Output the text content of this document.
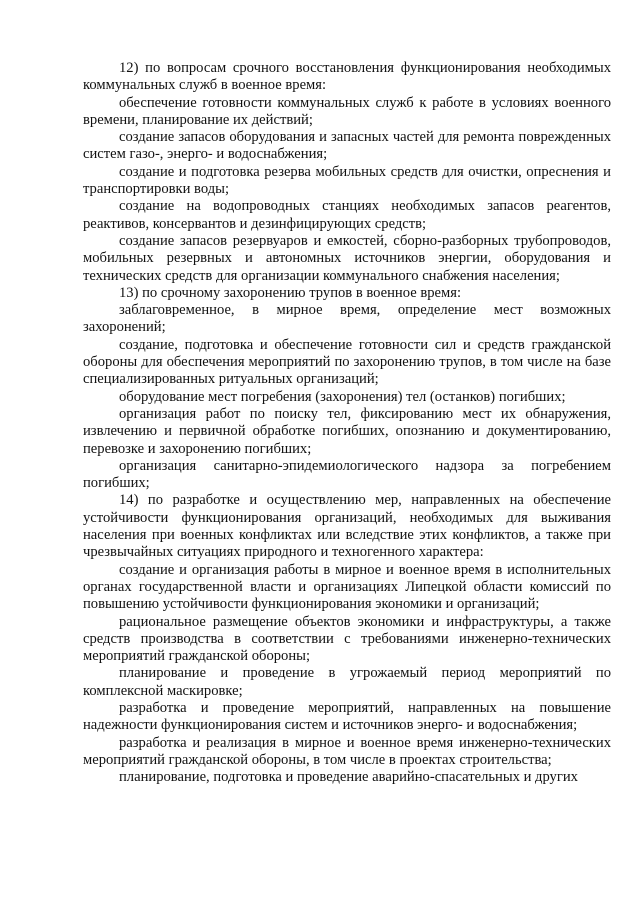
12) по вопросам срочного восстановления функционирования необходимых коммунальных служб в военное время:

обеспечение готовности коммунальных служб к работе в условиях военного времени, планирование их действий;

создание запасов оборудования и запасных частей для ремонта поврежденных систем газо-, энерго- и водоснабжения;

создание и подготовка резерва мобильных средств для очистки, опреснения и транспортировки воды;

создание на водопроводных станциях необходимых запасов реагентов, реактивов, консервантов и дезинфицирующих средств;

создание запасов резервуаров и емкостей, сборно-разборных трубопроводов, мобильных резервных и автономных источников энергии, оборудования и технических средств для организации коммунального снабжения населения;

13) по срочному захоронению трупов в военное время:

заблаговременное, в мирное время, определение мест возможных захоронений;

создание, подготовка и обеспечение готовности сил и средств гражданской обороны для обеспечения мероприятий по захоронению трупов, в том числе на базе специализированных ритуальных организаций;

оборудование мест погребения (захоронения) тел (останков) погибших;

организация работ по поиску тел, фиксированию мест их обнаружения, извлечению и первичной обработке погибших, опознанию и документированию, перевозке и захоронению погибших;

организация санитарно-эпидемиологического надзора за погребением погибших;

14) по разработке и осуществлению мер, направленных на обеспечение устойчивости функционирования организаций, необходимых для выживания населения при военных конфликтах или вследствие этих конфликтов, а также при чрезвычайных ситуациях природного и техногенного характера:

создание и организация работы в мирное и военное время в исполнительных органах государственной власти и организациях Липецкой области комиссий по повышению устойчивости функционирования экономики и организаций;

рациональное размещение объектов экономики и инфраструктуры, а также средств производства в соответствии с требованиями инженерно-технических мероприятий гражданской обороны;

планирование и проведение в угрожаемый период мероприятий по комплексной маскировке;

разработка и проведение мероприятий, направленных на повышение надежности функционирования систем и источников энерго- и водоснабжения;

разработка и реализация в мирное и военное время инженерно-технических мероприятий гражданской обороны, в том числе в проектах строительства;

планирование, подготовка и проведение аварийно-спасательных и других
